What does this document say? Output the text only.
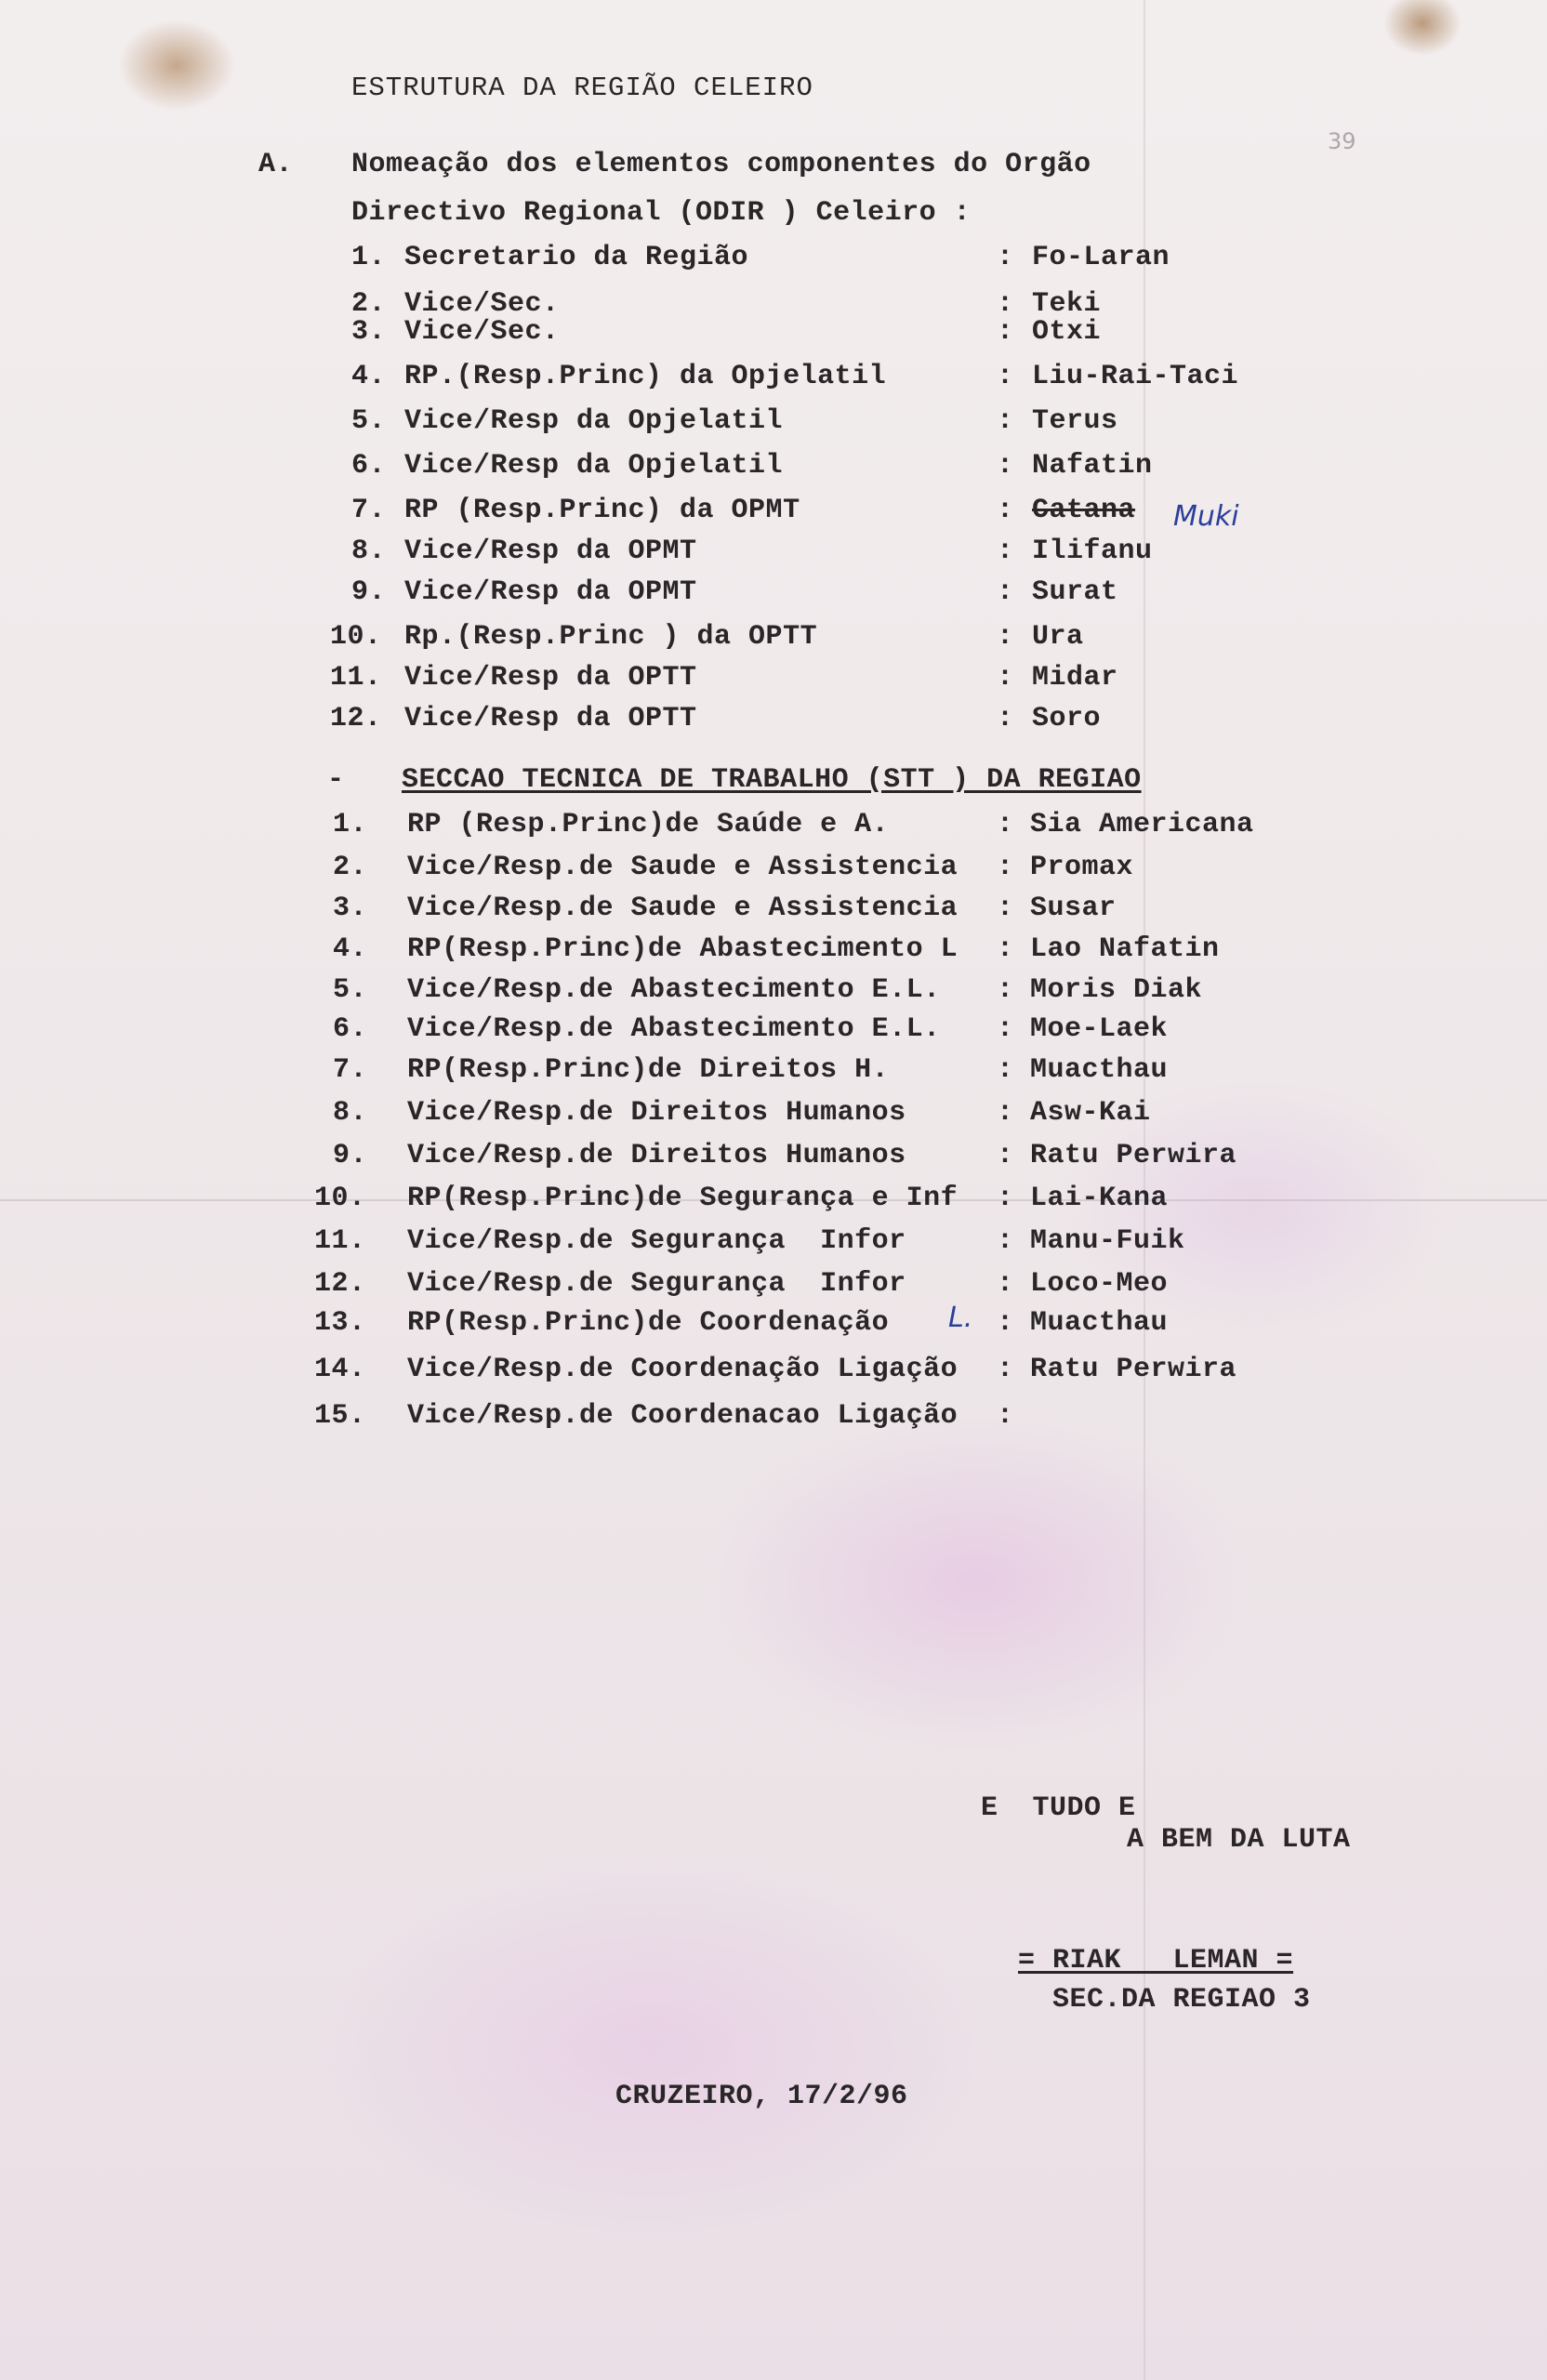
ESTRUTURA DA REGIÃO CELEIRO
39
A. Nomeação dos elementos componentes do Orgão
Directivo Regional (ODIR ) Celeiro :
Muki
- SECCAO TECNICA DE TRABALHO (STT ) DA REGIAO
E  TUDO E
A BEM DA LUTA
= RIAK   LEMAN =
SEC.DA REGIAO 3
CRUZEIRO, 17/2/96
1. Secretario da Região	: Fo-Laran
2. Vice/Sec.	: Teki
3. Vice/Sec.	: Otxi
4. RP.(Resp.Princ) da Opjelatil	: Liu-Rai-Taci
5. Vice/Resp da Opjelatil	: Terus
6. Vice/Resp da Opjelatil	: Nafatin
7. RP (Resp.Princ) da OPMT	: Catana
8. Vice/Resp da OPMT	: Ilifanu
9. Vice/Resp da OPMT	: Surat
10. Rp.(Resp.Princ ) da OPTT	: Ura
11. Vice/Resp da OPTT	: Midar
12. Vice/Resp da OPTT	: Soro
1. RP (Resp.Princ)de Saúde e A.	: Sia Americana
2. Vice/Resp.de Saude e Assistencia : Promax
3. Vice/Resp.de Saude e Assistencia : Susar
4. RP(Resp.Princ)de Abastecimento L : Lao Nafatin
5. Vice/Resp.de Abastecimento E.L. : Moris Diak
6. Vice/Resp.de Abastecimento E.L. : Moe-Laek
7. RP(Resp.Princ)de Direitos H.	: Muacthau
8. Vice/Resp.de Direitos Humanos	: Asw-Kai
9. Vice/Resp.de Direitos Humanos	: Ratu Perwira
10. RP(Resp.Princ)de Segurança e Inf : Lai-Kana
11. Vice/Resp.de Segurança  Infor	: Manu-Fuik
12. Vice/Resp.de Segurança  Infor	: Loco-Meo
13. RP(Resp.Princ)de Coordenação	: Muacthau
L.
14. Vice/Resp.de Coordenação Ligação : Ratu Perwira
15. Vice/Resp.de Coordenacao Ligação :
